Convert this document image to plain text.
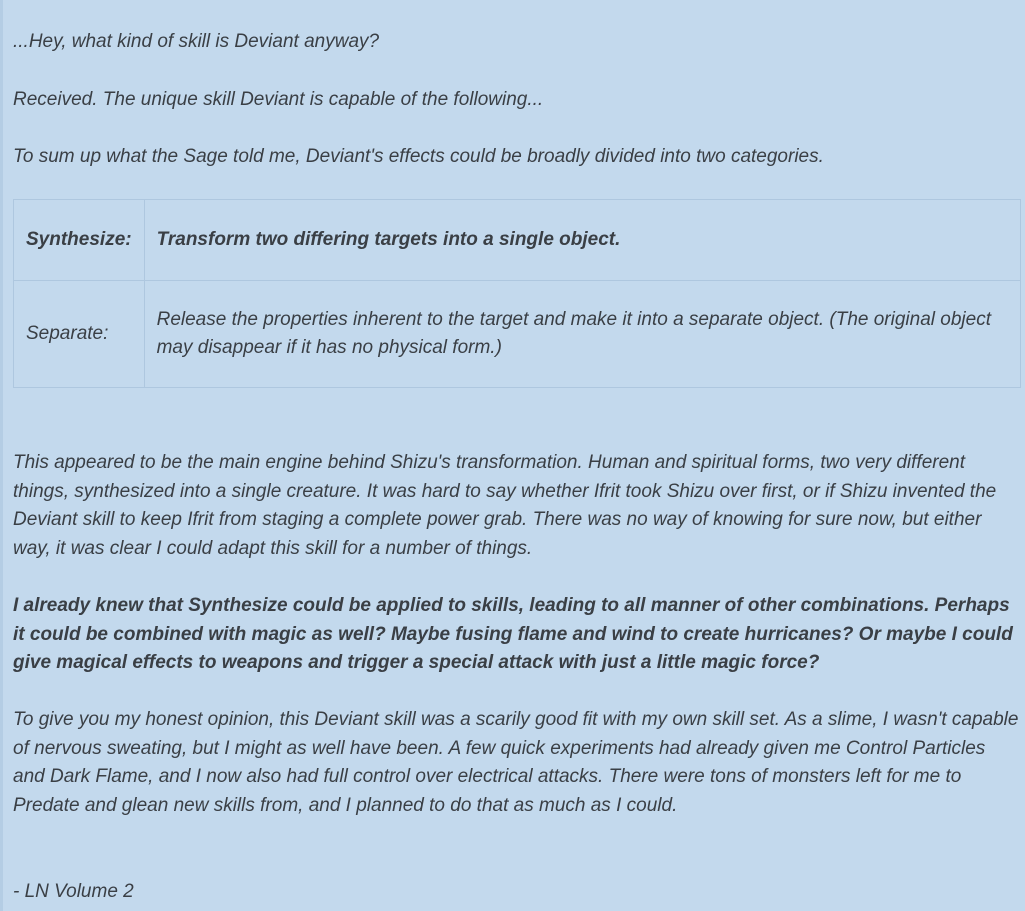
...Hey, what kind of skill is Deviant anyway?

Received. The unique skill Deviant is capable of the following...

To sum up what the Sage told me, Deviant's effects could be broadly divided into two categories.

Synthesize:	Transform two differing targets into a single object.
Separate:	Release the properties inherent to the target and make it into a separate object. (The original object may disappear if it has no physical form.)

This appeared to be the main engine behind Shizu's transformation. Human and spiritual forms, two very different things, synthesized into a single creature. It was hard to say whether Ifrit took Shizu over first, or if Shizu invented the Deviant skill to keep Ifrit from staging a complete power grab. There was no way of knowing for sure now, but either way, it was clear I could adapt this skill for a number of things.

I already knew that Synthesize could be applied to skills, leading to all manner of other combinations. Perhaps it could be combined with magic as well? Maybe fusing flame and wind to create hurricanes? Or maybe I could give magical effects to weapons and trigger a special attack with just a little magic force?

To give you my honest opinion, this Deviant skill was a scarily good fit with my own skill set. As a slime, I wasn't capable of nervous sweating, but I might as well have been. A few quick experiments had already given me Control Particles and Dark Flame, and I now also had full control over electrical attacks. There were tons of monsters left for me to Predate and glean new skills from, and I planned to do that as much as I could.

- LN Volume 2
